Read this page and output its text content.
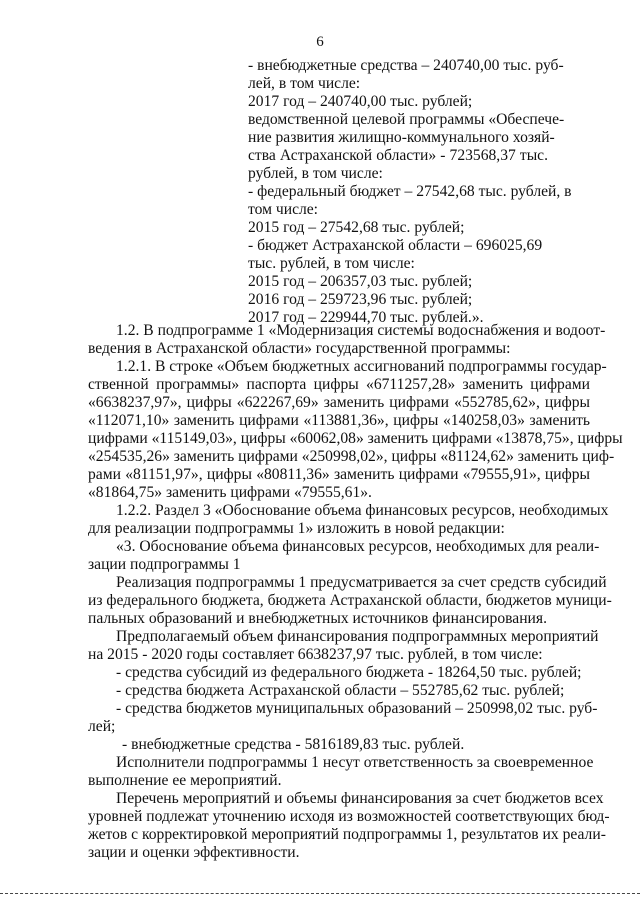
6
- внебюджетные средства – 240740,00 тыс. руб-
лей, в том числе:
2017 год – 240740,00 тыс. рублей;
ведомственной целевой программы «Обеспече-
ние развития жилищно-коммунального хозяй-
ства Астраханской области» - 723568,37 тыс.
рублей, в том числе:
- федеральный бюджет – 27542,68 тыс. рублей, в
том числе:
2015 год – 27542,68 тыс. рублей;
- бюджет Астраханской области – 696025,69
тыс. рублей, в том числе:
2015 год – 206357,03 тыс. рублей;
2016 год – 259723,96 тыс. рублей;
2017 год – 229944,70 тыс. рублей.».
1.2. В подпрограмме 1 «Модернизация системы водоснабжения и водоот-
ведения в Астраханской области» государственной программы:
1.2.1. В строке «Объем бюджетных ассигнований подпрограммы государ-
ственной программы» паспорта цифры «6711257,28» заменить цифрами
«6638237,97», цифры «622267,69» заменить цифрами «552785,62», цифры
«112071,10» заменить цифрами «113881,36», цифры «140258,03» заменить
цифрами «115149,03», цифры «60062,08» заменить цифрами «13878,75», цифры
«254535,26» заменить цифрами «250998,02», цифры «81124,62» заменить циф-
рами «81151,97», цифры «80811,36» заменить цифрами «79555,91», цифры
«81864,75» заменить цифрами «79555,61».
1.2.2. Раздел 3 «Обоснование объема финансовых ресурсов, необходимых
для реализации подпрограммы 1» изложить в новой редакции:
«3. Обоснование объема финансовых ресурсов, необходимых для реали-
зации подпрограммы 1
Реализация подпрограммы 1 предусматривается за счет средств субсидий
из федерального бюджета, бюджета Астраханской области, бюджетов муници-
пальных образований и внебюджетных источников финансирования.
Предполагаемый объем финансирования подпрограммных мероприятий
на 2015 - 2020 годы составляет 6638237,97 тыс. рублей, в том числе:
- средства субсидий из федерального бюджета - 18264,50 тыс. рублей;
- средства бюджета Астраханской области – 552785,62 тыс. рублей;
- средства бюджетов муниципальных образований – 250998,02 тыс. руб-
лей;
- внебюджетные средства - 5816189,83 тыс. рублей.
Исполнители подпрограммы 1 несут ответственность за своевременное
выполнение ее мероприятий.
Перечень мероприятий и объемы финансирования за счет бюджетов всех
уровней подлежат уточнению исходя из возможностей соответствующих бюд-
жетов с корректировкой мероприятий подпрограммы 1, результатов их реали-
зации и оценки эффективности.
